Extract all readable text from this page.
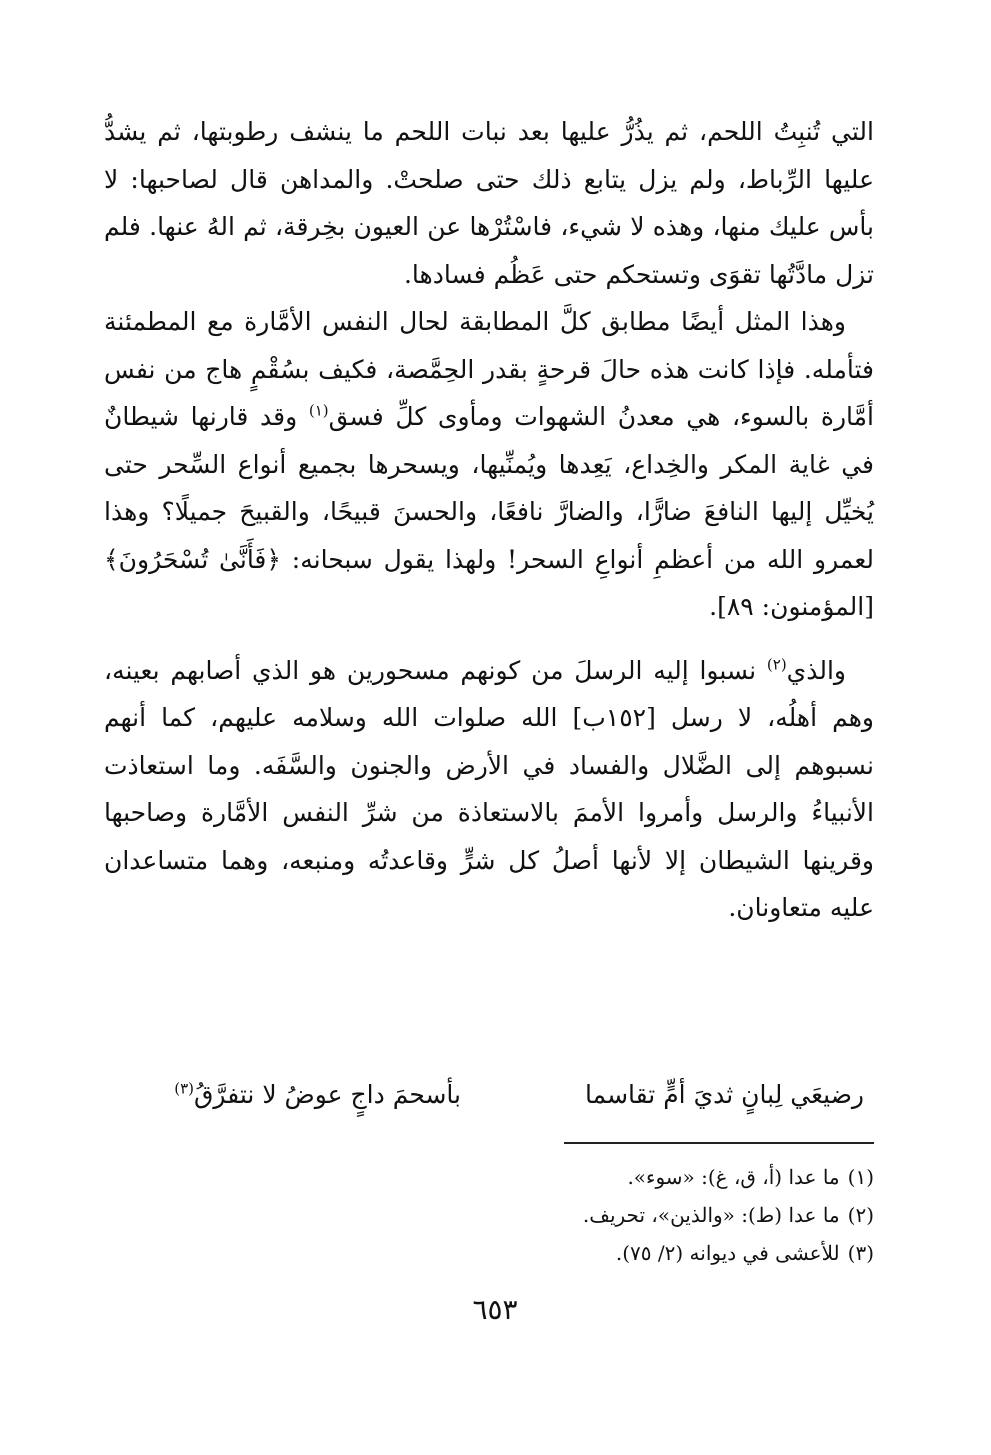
التي تُنبِتُ اللحم، ثم يذُرُّ عليها بعد نبات اللحم ما ينشف رطوبتها، ثم يشدُّ عليها الرِّباط، ولم يزل يتابع ذلك حتى صلحتْ. والمداهن قال لصاحبها: لا بأس عليك منها، وهذه لا شيء، فاسْتُرْها عن العيون بخِرقة، ثم الهُ عنها. فلم تزل مادَّتُها تقوَى وتستحكم حتى عَظُم فسادها.

وهذا المثل أيضًا مطابق كلَّ المطابقة لحال النفس الأمَّارة مع المطمئنة فتأمله. فإذا كانت هذه حالَ قرحةٍ بقدر الحِمَّصة، فكيف بسُقْمٍ هاج من نفس أمَّارة بالسوء، هي معدنُ الشهوات ومأوى كلِّ فسق$^{(١)}$ وقد قارنها شيطانٌ في غاية المكر والخِداع، يَعِدها ويُمنِّيها، ويسحرها بجميع أنواع السِّحر حتى يُخيِّل إليها النافعَ ضارًّا، والضارَّ نافعًا، والحسنَ قبيحًا، والقبيحَ جميلًا؟ وهذا لعمرو الله من أعظمِ أنواعِ السحر! ولهذا يقول سبحانه: ﴿فَأَنَّىٰ تُسْحَرُونَ﴾ [المؤمنون: ٨٩].

والذي$^{(٢)}$ نسبوا إليه الرسلَ من كونهم مسحورين هو الذي أصابهم بعينه، وهم أهلُه، لا رسل [١٥٢ب] الله صلوات الله وسلامه عليهم، كما أنهم نسبوهم إلى الضَّلال والفساد في الأرض والجنون والسَّفَه. وما استعاذت الأنبياءُ والرسل وأمروا الأممَ بالاستعاذة من شرِّ النفس الأمَّارة وصاحبها وقرينها الشيطان إلا لأنها أصلُ كل شرٍّ وقاعدتُه ومنبعه، وهما متساعدان عليه متعاونان.

رضيعَي لِبانٍ ثديَ أمٍّ تقاسما
بأسحمَ داجٍ عوضُ لا نتفرَّقُ$^{(٣)}$
(١)ما عدا (أ، ق، غ): «سوء».
(٢)ما عدا (ط): «والذين»، تحريف.
(٣)للأعشى في ديوانه (٢/ ٧٥).
٦٥٣
